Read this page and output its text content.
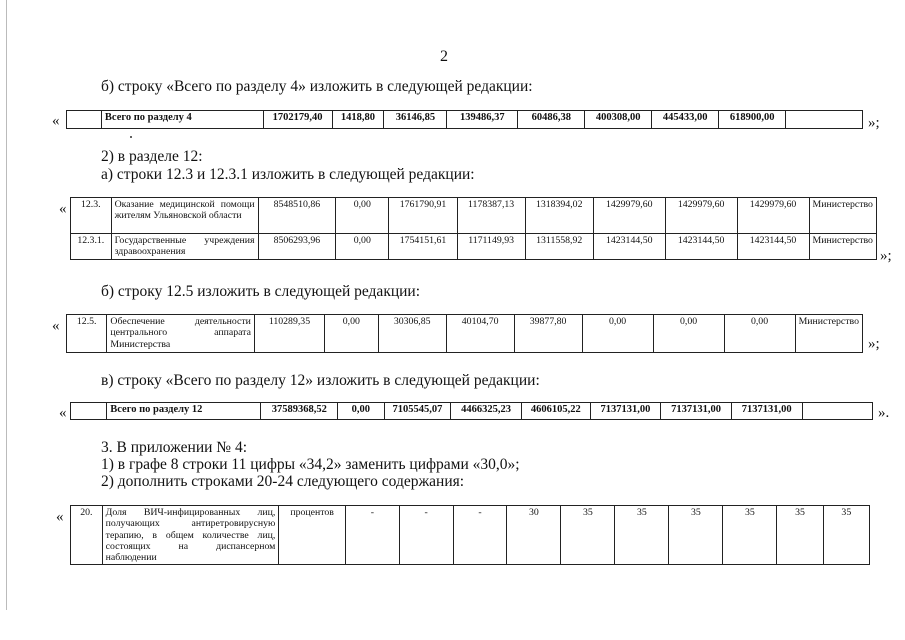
2
б) строку «Всего по разделу 4» изложить в следующей редакции:
«
		Всего по разделу 4	1702179,40	1418,80	36146,85	139486,37	60486,38	400308,00	445433,00	618900,00		»;
2) в разделе 12:
а) строки 12.3 и 12.3.1 изложить в следующей редакции:
« 12.3.	Оказание медицинской помощи жителям Ульяновской области	8548510,86	0,00	1761790,91	1178387,13	1318394,02	1429979,60	1429979,60	1429979,60	Министерство
12.3.1.	Государственные учреждения здравоохранения	8506293,96	0,00	1754151,61	1171149,93	1311558,92	1423144,50	1423144,50	1423144,50	Министерство
»;
б) строку 12.5 изложить в следующей редакции:
« 12.5.	Обеспечение деятельности центрального аппарата Министерства	110289,35	0,00	30306,85	40104,70	39877,80	0,00	0,00	0,00	Министерство
»;
в) строку «Всего по разделу 12» изложить в следующей редакции:
«
		Всего по разделу 12	37589368,52	0,00	7105545,07	4466325,23	4606105,22	7137131,00	7137131,00	7137131,00		».
3. В приложении № 4:
1) в графе 8 строки 11 цифры «34,2» заменить цифрами «30,0»;
2) дополнить строками 20-24 следующего содержания:
« 20.	Доля ВИЧ-инфицированных лиц, получающих антиретровирусную терапию, в общем количестве лиц, состоящих на диспансерном наблюдении	процентов	-	-	-	30	35	35	35	35	35	35
